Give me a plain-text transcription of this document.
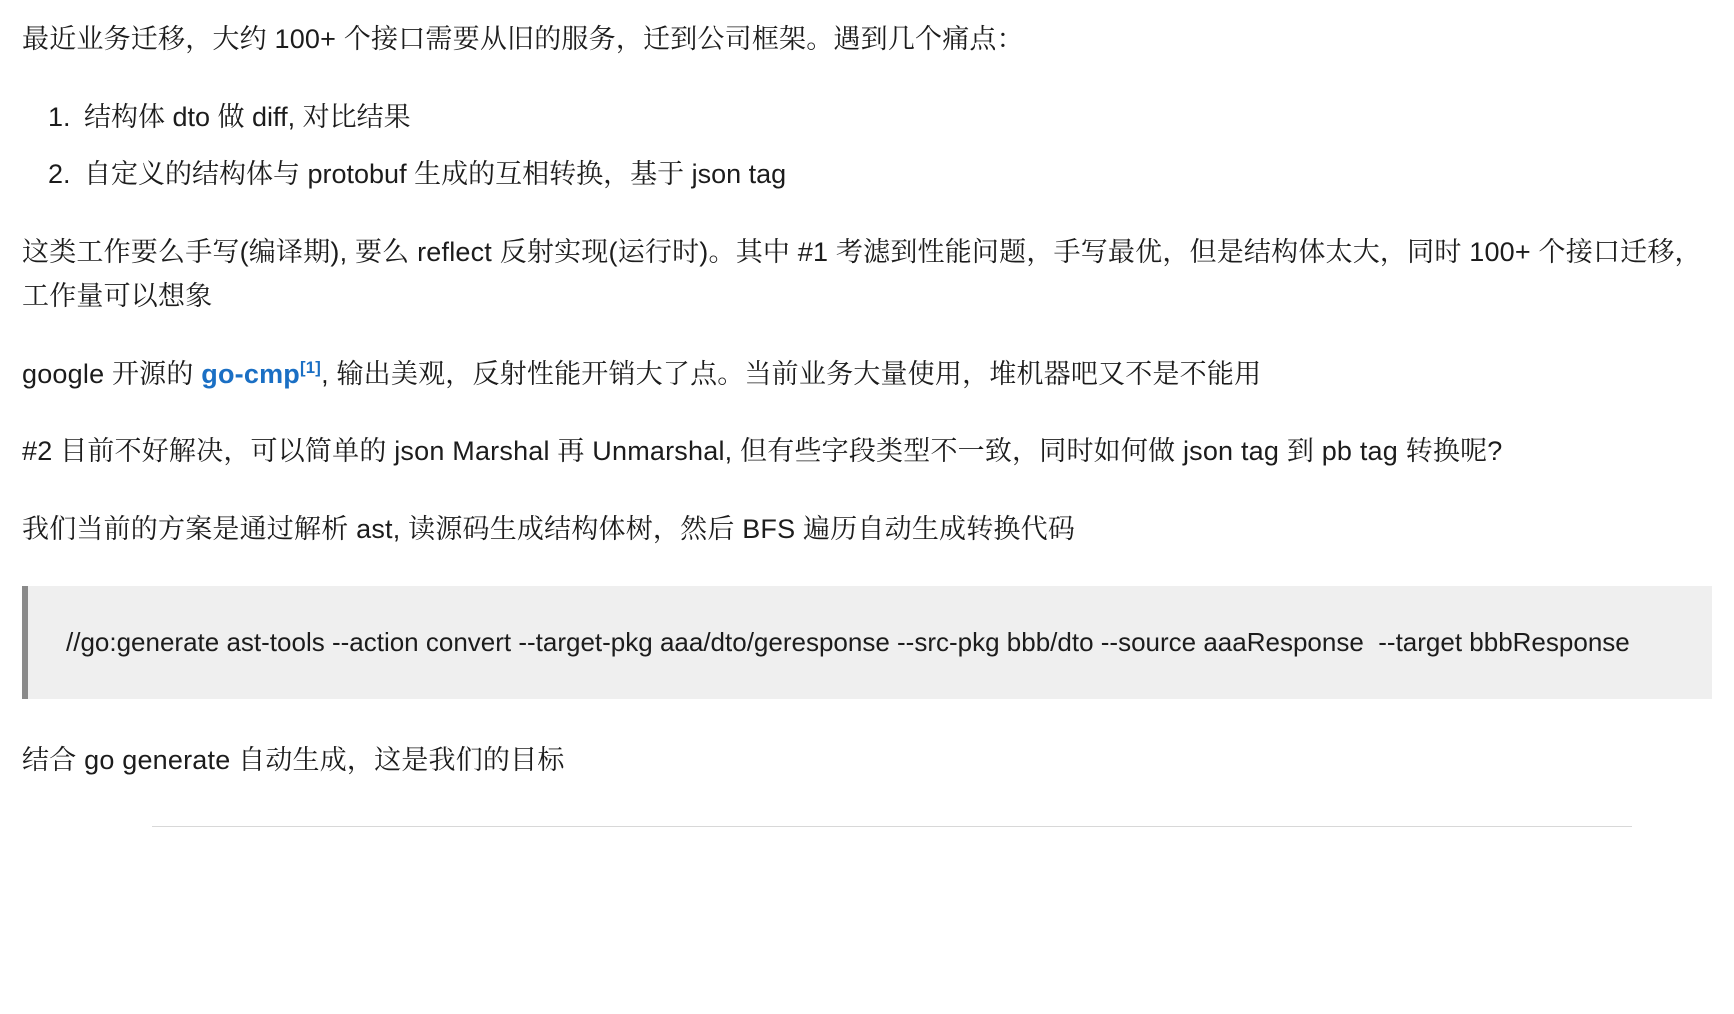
最近业务迁移，大约 100+ 个接口需要从旧的服务，迁到公司框架。遇到几个痛点：

1. 结构体 dto 做 diff, 对比结果
2. 自定义的结构体与 protobuf 生成的互相转换，基于 json tag

这类工作要么手写(编译期), 要么 reflect 反射实现(运行时)。其中 #1 考滤到性能问题，手写最优，但是结构体太大，同时 100+ 个接口迁移，工作量可以想象

google 开源的 go-cmp[1], 输出美观，反射性能开销大了点。当前业务大量使用，堆机器吧又不是不能用

#2 目前不好解决，可以简单的 json Marshal 再 Unmarshal, 但有些字段类型不一致，同时如何做 json tag 到 pb tag 转换呢?

我们当前的方案是通过解析 ast, 读源码生成结构体树，然后 BFS 遍历自动生成转换代码

//go:generate ast-tools --action convert --target-pkg aaa/dto/geresponse --src-pkg bbb/dto --source aaaResponse  --target bbbResponse

结合 go generate 自动生成，这是我们的目标
